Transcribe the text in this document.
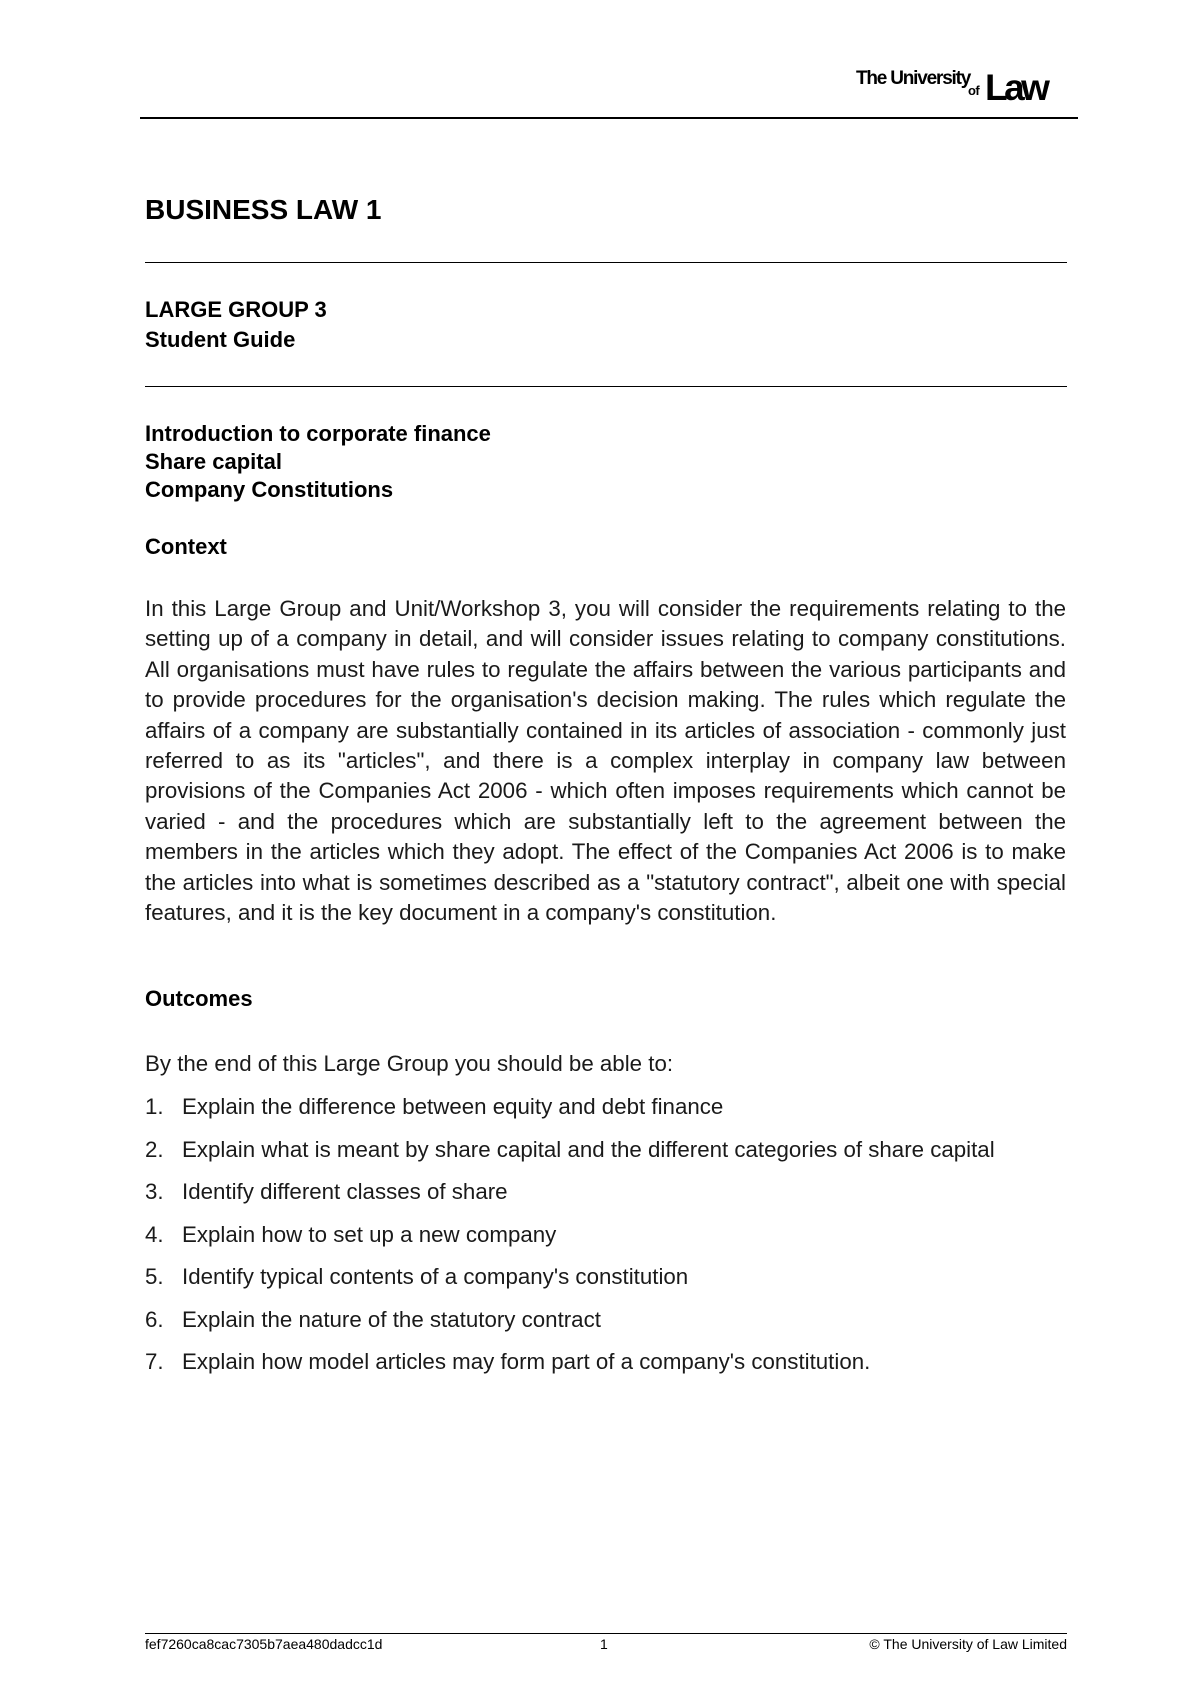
The University
of Law
BUSINESS LAW 1

LARGE GROUP 3

Student Guide

Introduction to corporate finance

Share capital

Company Constitutions

Context

In this Large Group and Unit/Workshop 3, you will consider the requirements relating to the setting up of a company in detail, and will consider issues relating to company constitutions. All organisations must have rules to regulate the affairs between the various participants and to provide procedures for the organisation's decision making. The rules which regulate the affairs of a company are substantially contained in its articles of association - commonly just referred to as its "articles", and there is a complex interplay in company law between provisions of the Companies Act 2006 - which often imposes requirements which cannot be varied - and the procedures which are substantially left to the agreement between the members in the articles which they adopt. The effect of the Companies Act 2006 is to make the articles into what is sometimes described as a "statutory contract", albeit one with special features, and it is the key document in a company's constitution.

Outcomes

By the end of this Large Group you should be able to:

1. Explain the difference between equity and debt finance
2. Explain what is meant by share capital and the different categories of share capital
3. Identify different classes of share
4. Explain how to set up a new company
5. Identify typical contents of a company's constitution
6. Explain the nature of the statutory contract
7. Explain how model articles may form part of a company's constitution.
fef7260ca8cac7305b7aea480dadcc1d	1	© The University of Law Limited
